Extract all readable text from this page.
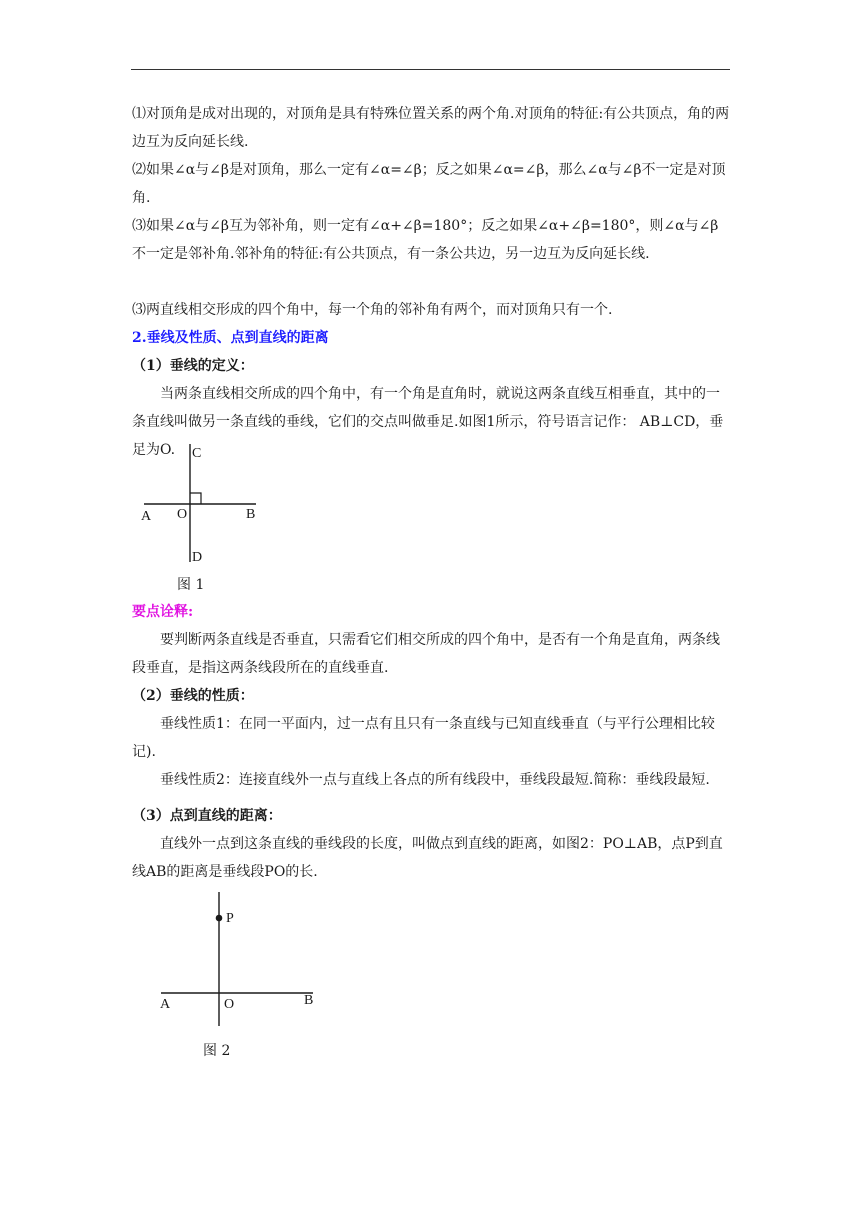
⑴对顶角是成对出现的，对顶角是具有特殊位置关系的两个角.对顶角的特征:有公共顶点，角的两边互为反向延长线.

⑵如果∠α与∠β是对顶角，那么一定有∠α=∠β；反之如果∠α=∠β，那么∠α与∠β不一定是对顶角.

⑶如果∠α与∠β互为邻补角，则一定有∠α+∠β=180°；反之如果∠α+∠β=180°，则∠α与∠β不一定是邻补角.邻补角的特征:有公共顶点，有一条公共边，另一边互为反向延长线.

⑶两直线相交形成的四个角中，每一个角的邻补角有两个，而对顶角只有一个.

2.垂线及性质、点到直线的距离
（1）垂线的定义：

当两条直线相交所成的四个角中，有一个角是直角时，就说这两条直线互相垂直，其中的一条直线叫做另一条直线的垂线，它们的交点叫做垂足.如图1所示，符号语言记作： AB⊥CD，垂足为O.	C
A O	B
D
图 1
要点诠释:

要判断两条直线是否垂直，只需看它们相交所成的四个角中，是否有一个角是直角，两条线段垂直，是指这两条线段所在的直线垂直.

（2）垂线的性质：

垂线性质1：在同一平面内，过一点有且只有一条直线与已知直线垂直（与平行公理相比较记).

垂线性质2：连接直线外一点与直线上各点的所有线段中，垂线段最短.简称：垂线段最短.

（3）点到直线的距离：

直线外一点到这条直线的垂线段的长度，叫做点到直线的距离，如图2：PO⊥AB，点P到直线AB的距离是垂线段PO的长.

P
A	O	B
图 2
